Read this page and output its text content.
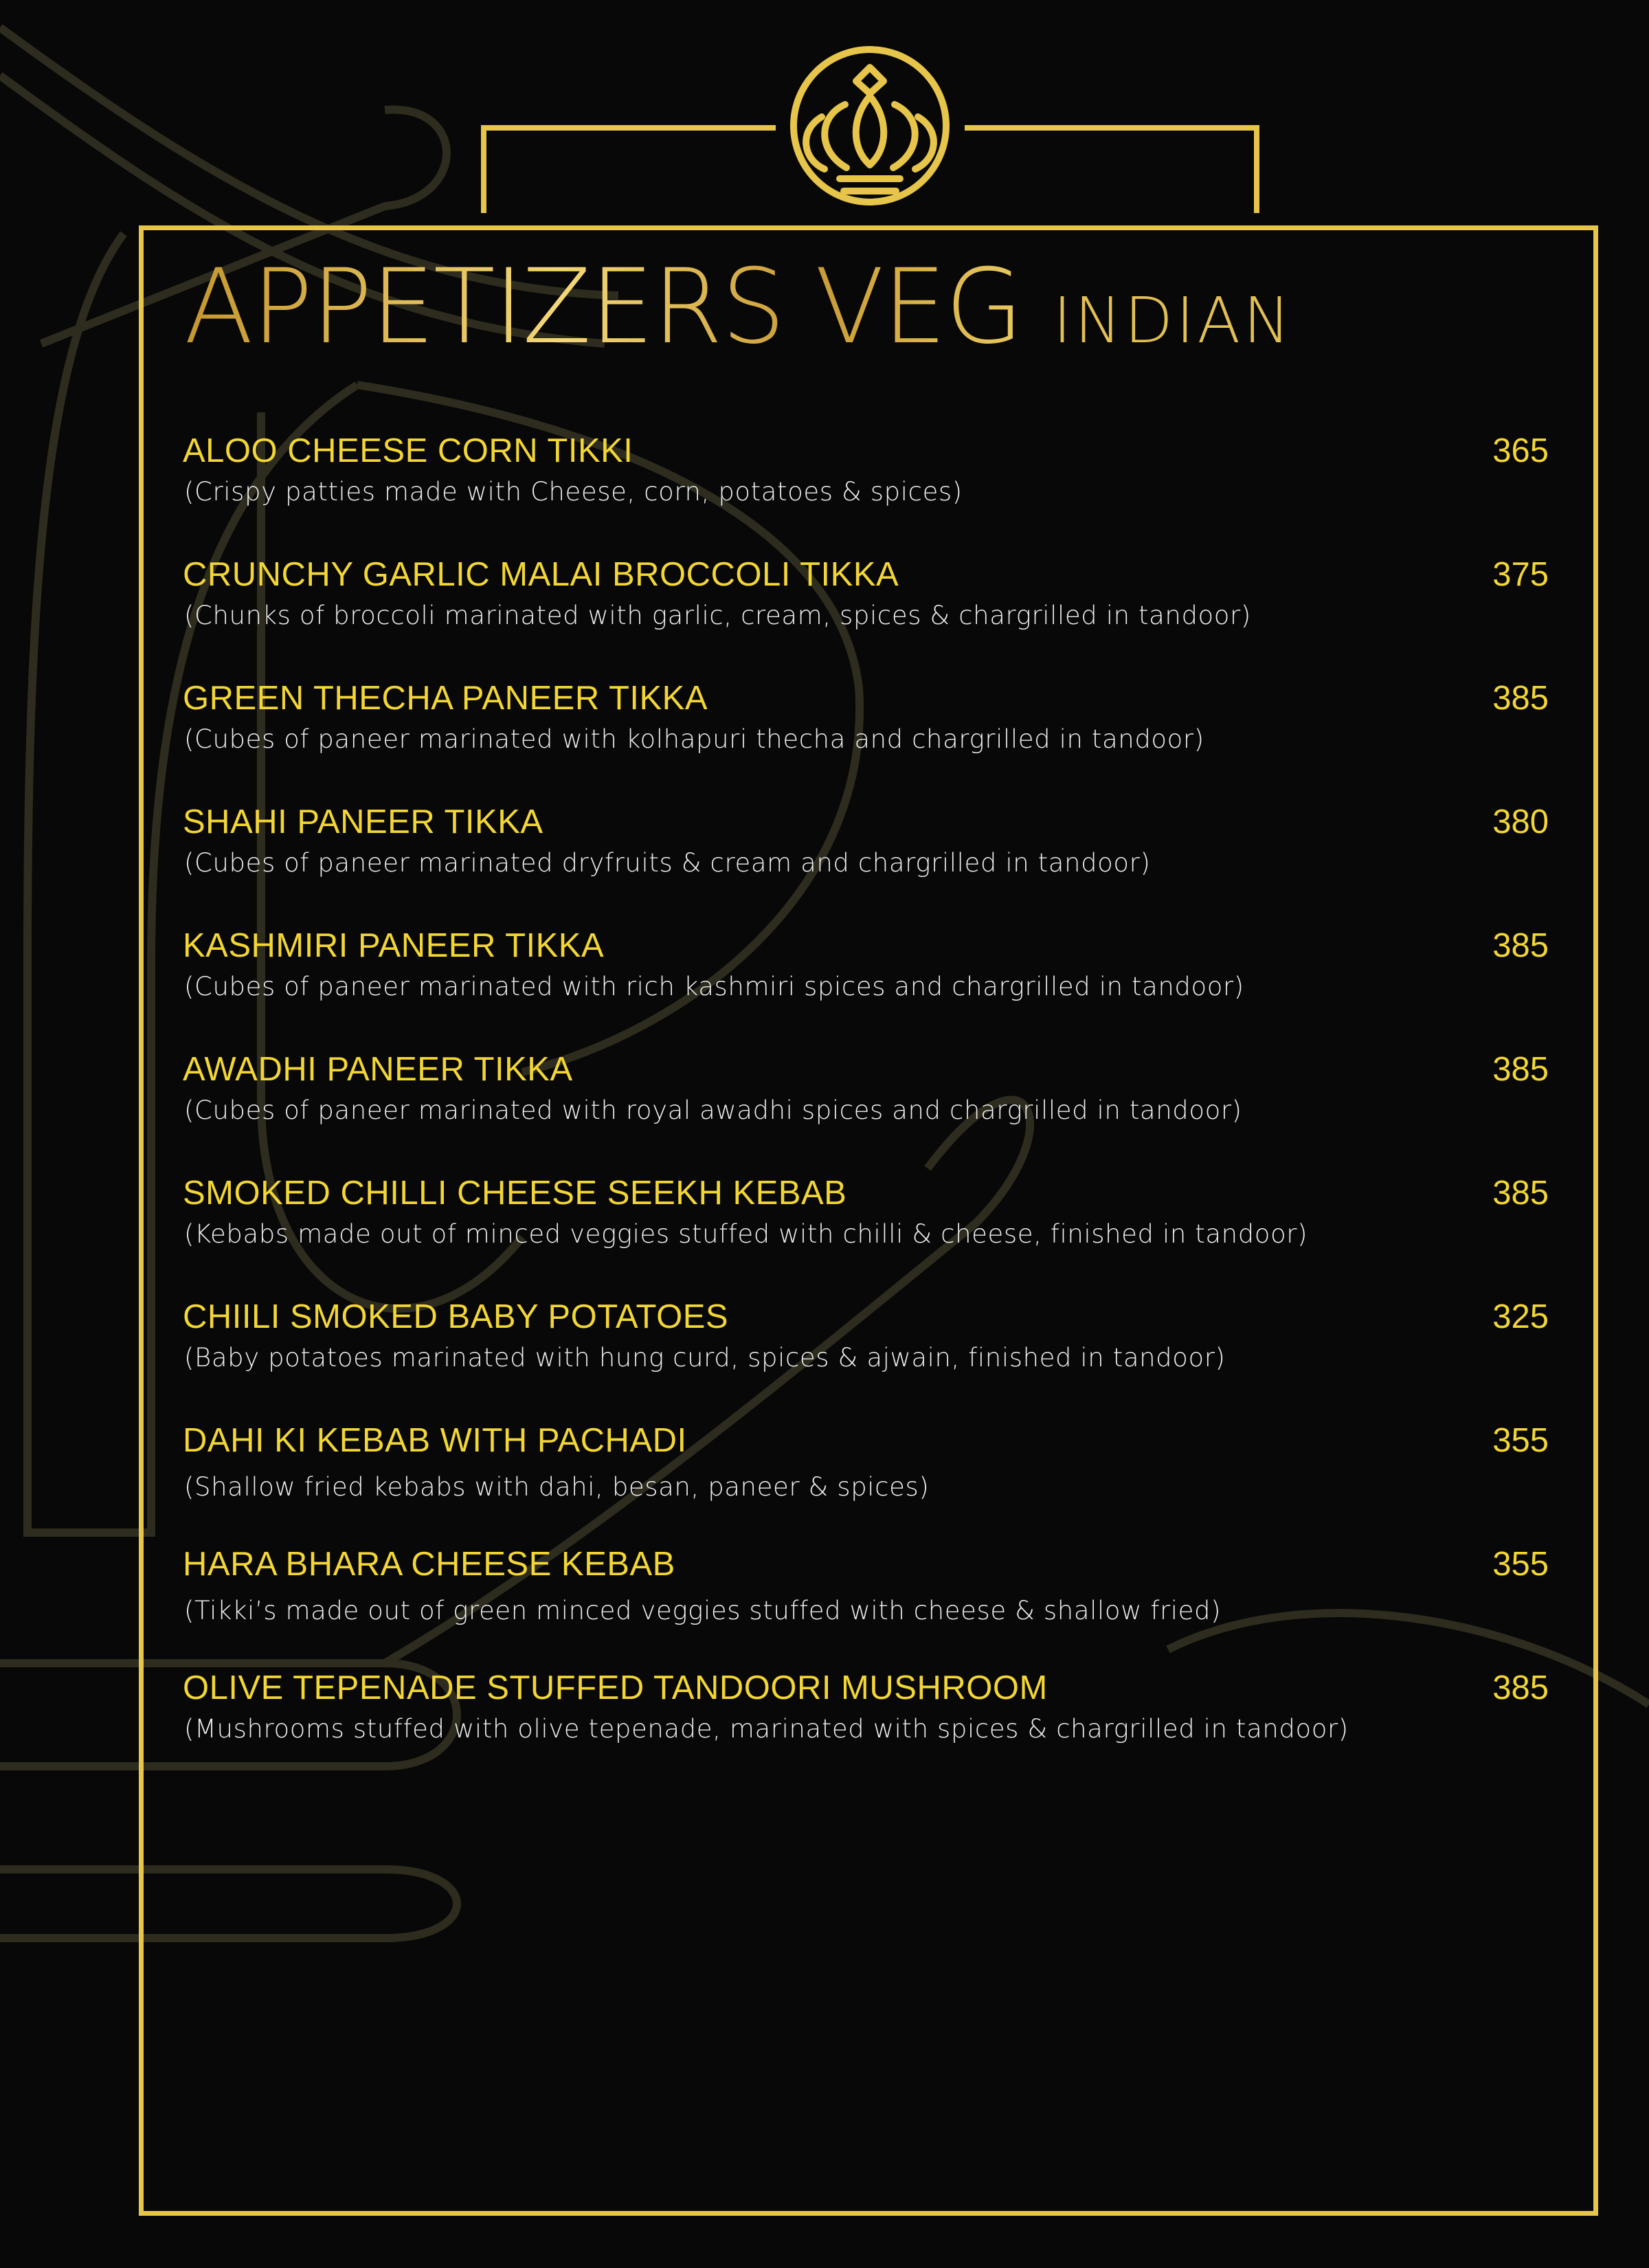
APPETIZERS VEG INDIAN
ALOO CHEESE CORN TIKKI	365
(Crispy patties made with Cheese, corn, potatoes & spices)
CRUNCHY GARLIC MALAI BROCCOLI TIKKA	375
(Chunks of broccoli marinated with garlic, cream, spices & chargrilled in tandoor)
GREEN THECHA PANEER TIKKA	385
(Cubes of paneer marinated with kolhapuri thecha and chargrilled in tandoor)
SHAHI PANEER TIKKA	380
(Cubes of paneer marinated dryfruits & cream and chargrilled in tandoor)
KASHMIRI PANEER TIKKA	385
(Cubes of paneer marinated with rich kashmiri spices and chargrilled in tandoor)
AWADHI PANEER TIKKA	385
(Cubes of paneer marinated with royal awadhi spices and chargrilled in tandoor)
SMOKED CHILLI CHEESE SEEKH KEBAB	385
(Kebabs made out of minced veggies stuffed with chilli & cheese, finished in tandoor)
CHIILI SMOKED BABY POTATOES	325
(Baby potatoes marinated with hung curd, spices & ajwain, finished in tandoor)
DAHI KI KEBAB WITH PACHADI	355
(Shallow fried kebabs with dahi, besan, paneer & spices)
HARA BHARA CHEESE KEBAB	355
(Tikki’s made out of green minced veggies stuffed with cheese & shallow fried)
OLIVE TEPENADE STUFFED TANDOORI MUSHROOM	385
(Mushrooms stuffed with olive tepenade, marinated with spices & chargrilled in tandoor)
